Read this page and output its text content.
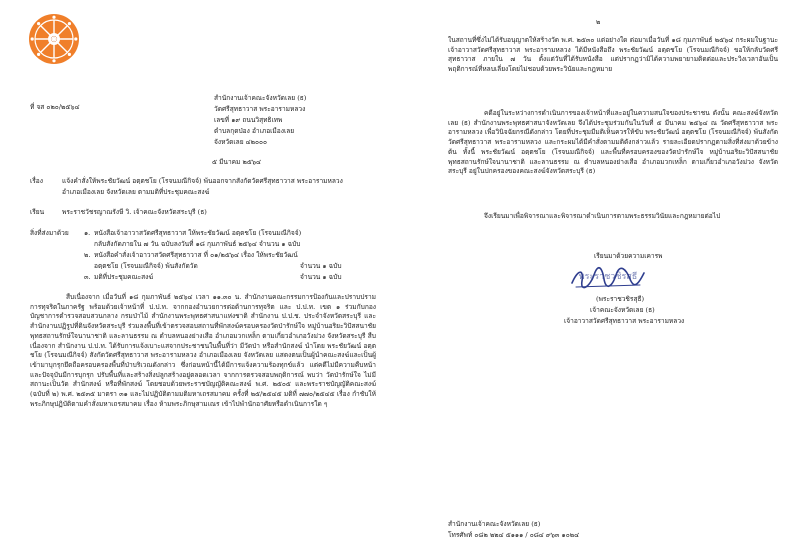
ที่ จส ๐๒๐/๒๕๖๔
สำนักงานเจ้าคณะจังหวัดเลย (ธ)
วัดศรีสุทธาวาส พระอารามหลวง
เลขที่ ๑๙ ถนนวิสุทธิเทพ
ตำบลกุดป่อง อำเภอเมืองเลย
จังหวัดเลย ๔๒๐๐๐
๕ มีนาคม ๒๕๖๔
เรื่อง	แจ้งคำสั่งให้พระชัยวัฒน์ อตฺตชโย (โรจนมณีกิจจ์) พ้นออกจากสังกัดวัดศรีสุทธาวาส พระอารามหลวง
อำเภอเมืองเลย จังหวัดเลย ตามมติที่ประชุมคณะสงฆ์
เรียน	พระราชวัชรญาณรังษี วิ. เจ้าคณะจังหวัดสระบุรี (ธ)
สิ่งที่ส่งมาด้วย ๑. หนังสือเจ้าอาวาสวัดศรีสุทธาวาส ให้พระชัยวัฒน์ อตฺตชโย (โรจนมณีกิจจ์)
กลับสังกัดภายใน ๗ วัน ฉบับลงวันที่ ๑๘ กุมภาพันธ์ ๒๕๖๔ จำนวน ๑ ฉบับ
๒. หนังสือคำสั่งเจ้าอาวาสวัดศรีสุทธาวาส ที่ ๐๑/๒๕๖๔ เรื่อง ให้พระชัยวัฒน์
อตฺตชโย (โรจนมณีกิจจ์) พ้นสังกัดวัด	จำนวน ๑ ฉบับ
๓. มติที่ประชุมคณะสงฆ์	จำนวน ๑ ฉบับ
สืบเนื่องจาก เมื่อวันที่ ๑๘ กุมภาพันธ์ ๒๕๖๔ เวลา ๑๑.๓๐ น. สำนักงานคณะกรรมการป้องกันและปราบปรามการทุจริตในภาครัฐ พร้อมด้วยเจ้าหน้าที่ ป.ป.ท. จากกองอำนวยการต่อต้านการทุจริต และ ป.ป.ท. เขต ๑ ร่วมกับกองบัญชาการตำรวจสอบสวนกลาง กรมป่าไม้ สำนักงานพระพุทธศาสนาแห่งชาติ สำนักงาน ป.ป.ช. ประจำจังหวัดสระบุรี และสำนักงานปฏิรูปที่ดินจังหวัดสระบุรี ร่วมลงพื้นที่เข้าตรวจสอบสถานที่พักสงฆ์ครอบครองวัดป่ารักษ์ใจ หมู่บ้านอริยะวิปัสสนาชัย พุทธสถานรักษ์ใจนานาชาติ และลานธรรม ณ ตำบลหนองย่างเสือ อำเภอมวกเหล็ก ตามเกี่ยวอำเภอวังม่วง จังหวัดสระบุรี สืบเนื่องจาก สำนักงาน ป.ป.ท. ได้รับการแจ้งเบาะแสจากประชาชนในพื้นที่ว่า มีวัดป่า หรือสำนักสงฆ์ นำโดย พระชัยวัฒน์ อตฺตชโย (โรจนมณีกิจจ์) สังกัดวัดศรีสุทธาวาส พระอารามหลวง อำเภอเมืองเลย จังหวัดเลย แสดงตนเป็นผู้นำคณะสงฆ์และเป็นผู้ เข้ามาบุกรุกยึดถือครอบครองพื้นที่ป่าบริเวณดังกล่าว ซึ่งก่อนหน้านี้ได้มีการแจ้งความร้องทุกข์แล้ว แต่คดีไม่มีความคืบหน้า และปัจจุบันมีการบุกรุก ปรับพื้นที่และสร้างสิ่งปลูกสร้างอยู่ตลอดเวลา จากการตรวจสอบพฤติการณ์ พบว่า วัดป่ารักษ์ใจ ไม่มีสถานะเป็นวัด สำนักสงฆ์ หรือที่พักสงฆ์ โดยชอบด้วยพระราชบัญญัติคณะสงฆ์ พ.ศ. ๒๕๐๕ และพระราชบัญญัติคณะสงฆ์ (ฉบับที่ ๒) พ.ศ. ๒๕๓๕ มาตรา ๓๑ และไม่ปฏิบัติตามมติมหาเถรสมาคม ครั้งที่ ๒๕/๒๕๔๕ มติที่ ๗๗๐/๒๕๔๕ เรื่อง กำชับให้พระภิกษุปฏิบัติตามคำสั่งมหาเถรสมาคม เรื่อง ห้ามพระภิกษุสามเณร เข้าไปพำนักอาศัยหรือดำเนินการใด ๆ
๒
ในสถานที่ซึ่งไม่ได้รับอนุญาตให้สร้างวัด พ.ศ. ๒๕๓๐ แต่อย่างใด ต่อมาเมื่อวันที่ ๑๘ กุมภาพันธ์ ๒๕๖๔ กระผมในฐานะเจ้าอาวาสวัดศรีสุทธาวาส พระอารามหลวง ได้มีหนังสือถึง พระชัยวัฒน์ อตฺตชโย (โรจนมณีกิจจ์) ขอให้กลับวัดศรีสุทธาวาส ภายใน ๗ วัน ตั้งแต่วันที่ได้รับหนังสือ แต่ปรากฏว่ามิได้ความพยายามติดต่อและประวิงเวลาอันเป็นพฤติการณ์ที่หลบเลี่ยงโดยไม่ชอบด้วยพระวินัยและกฎหมาย
คดีอยู่ในระหว่างการดำเนินการของเจ้าหน้าที่และอยู่ในความสนใจของประชาชน ดังนั้น คณะสงฆ์จังหวัดเลย (ธ) สำนักงานพระพุทธศาสนาจังหวัดเลย จึงได้ประชุมร่วมกันในวันที่ ๕ มีนาคม ๒๕๖๔ ณ วัดศรีสุทธาวาส พระอารามหลวง เพื่อวินิจฉัยกรณีดังกล่าว โดยที่ประชุมมีมติเห็นควรให้ขับ พระชัยวัฒน์ อตฺตชโย (โรจนมณีกิจจ์) พ้นสังกัดวัดศรีสุทธาวาส พระอารามหลวง และกระผมได้มีคำสั่งตามมติดังกล่าวแล้ว รายละเอียดปรากฏตามสิ่งที่ส่งมาด้วยข้างต้น ทั้งนี้ พระชัยวัฒน์ อตฺตชโย (โรจนมณีกิจจ์) และพื้นที่ครอบครองของวัดป่ารักษ์ใจ หมู่บ้านอริยะวิปัสสนาชัย พุทธสถานรักษ์ใจนานาชาติ และลานธรรม ณ ตำบลหนองย่างเสือ อำเภอมวกเหล็ก ตามเกี่ยวอำเภอวังม่วง จังหวัดสระบุรี อยู่ในปกครองของคณะสงฆ์จังหวัดสระบุรี (ธ)
จึงเรียนมาเพื่อพิจารณาและพิจารณาดำเนินการตามพระธรรมวินัยและกฎหมายต่อไป
เรียนมาด้วยความเคารพ
พระราชวชิรสุธี
(พระราชวชิรสุธี)
เจ้าคณะจังหวัดเลย (ธ)
เจ้าอาวาสวัดศรีสุทธาวาส พระอารามหลวง
สำนักงานเจ้าคณะจังหวัดเลย (ธ)
โทรศัพท์ ๐๘๒ ๒๒๔ ๕๑๑๑ / ๐๘๔ ๙๖๓ ๑๐๒๔
